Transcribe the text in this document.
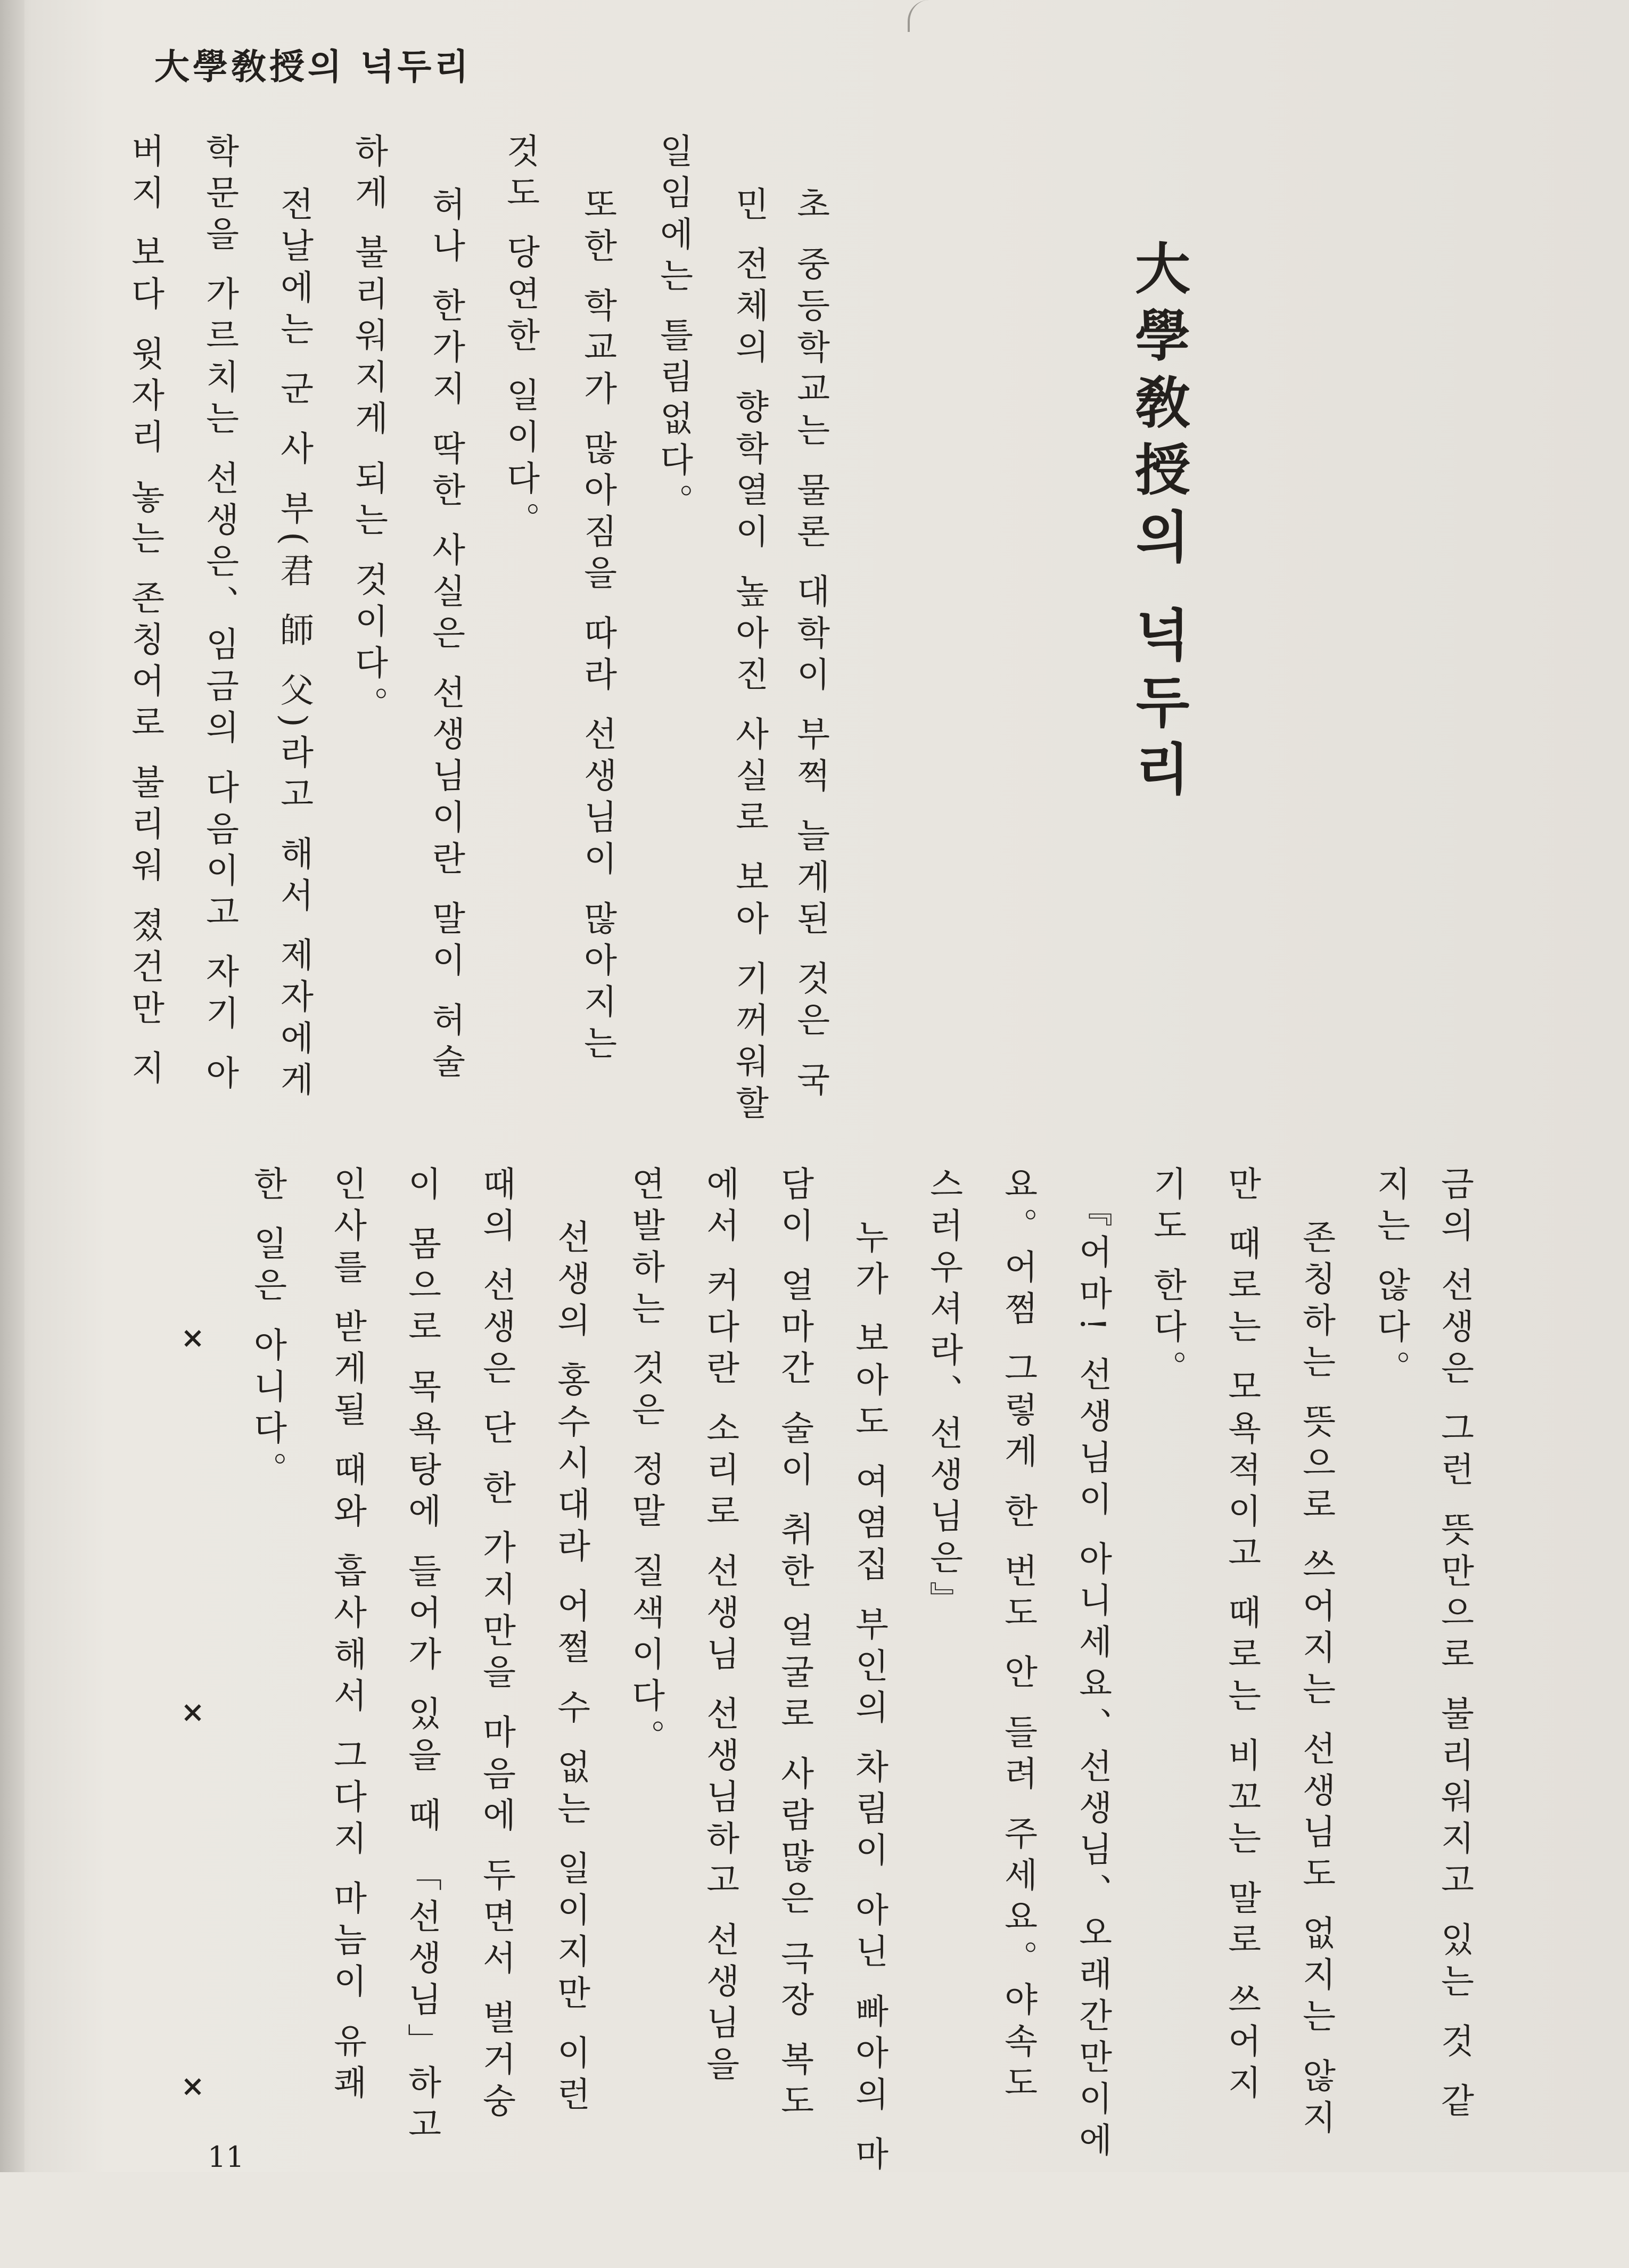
大學敎授의 넉두리
大學敎授의 넉두리
초 중등학교는 물론 대학이 부쩍 늘게된 것은 국
민 전체의 향학열이 높아진 사실로 보아 기꺼워할
일임에는 틀림없다。
또한 학교가 많아짐을 따라 선생님이 많아지는
것도 당연한 일이다。
허나 한가지 딱한 사실은 선생님이란 말이 허술
하게 불리워지게 되는 것이다。
전날에는 군 사 부(君 師 父)라고 해서 제자에게
학문을 가르치는 선생은、임금의 다음이고 자기 아
버지 보다 윗자리 놓는 존칭어로 불리워 졌건만 지
금의 선생은 그런 뜻만으로 불리워지고 있는 것 같
지는 않다。
존칭하는 뜻으로 쓰어지는 선생님도 없지는 않지
만 때로는 모욕적이고 때로는 비꼬는 말로 쓰어지
기도 한다。
『어마! 선생님이 아니세요、선생님、오래간만이에
요。어쩜 그렇게 한 번도 안 들려 주세요。야속도
스러우셔라、선생님은』
누가 보아도 여염집 부인의 차림이 아닌 빠아의 마
담이 얼마간 술이 취한 얼굴로 사람많은 극장 복도
에서 커다란 소리로 선생님 선생님하고 선생님을
연발하는 것은 정말 질색이다。
선생의 홍수시대라 어쩔 수 없는 일이지만 이런
때의 선생은 단 한 가지만을 마음에 두면서 벌거숭
이 몸으로 목욕탕에 들어가 있을 때 「선생님」하고
인사를 받게될 때와 흡사해서 그다지 마늠이 유쾌
한 일은 아니다。
× × ×
11
